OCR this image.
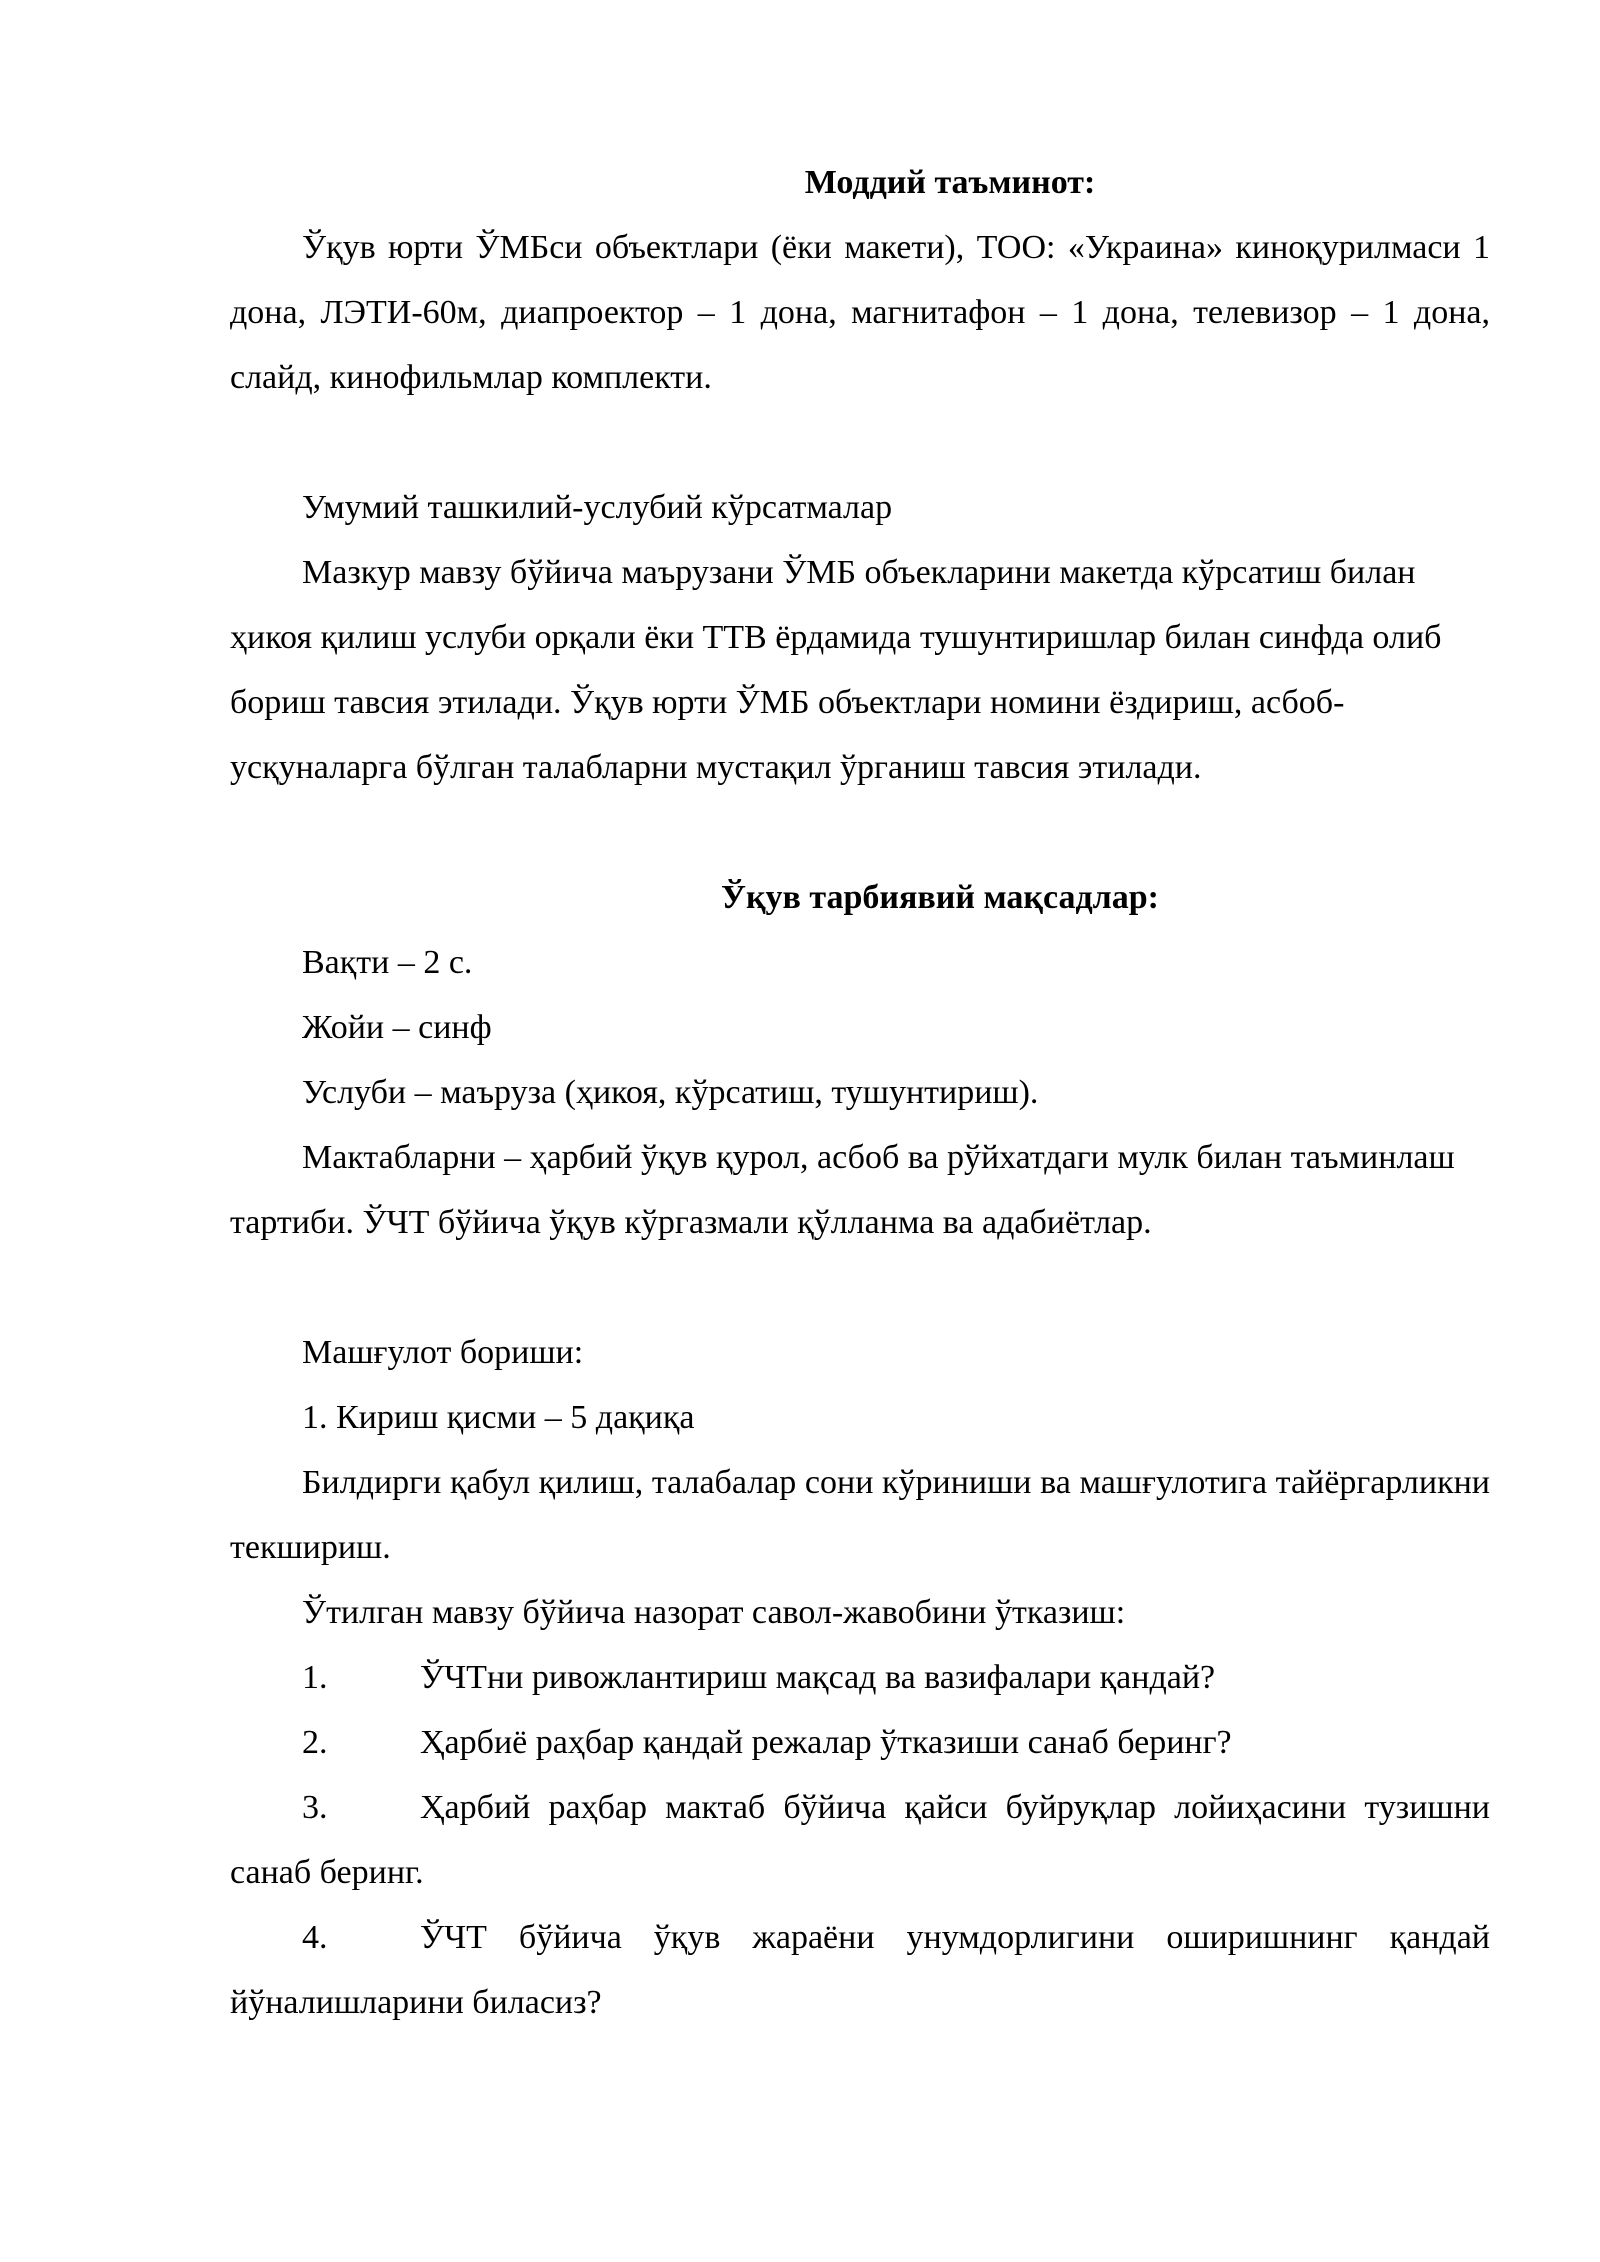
Моддий таъминот:

Ўқув юрти ЎМБси объектлари (ёки макети), ТОО: «Украина» киноқурилмаси 1 дона, ЛЭТИ-60м, диапроектор – 1 дона, магнитафон – 1 дона, телевизор – 1 дона, слайд, кинофильмлар комплекти.

Умумий ташкилий-услубий кўрсатмалар

Мазкур мавзу бўйича маърузани ЎМБ объекларини макетда кўрсатиш билан ҳикоя қилиш услуби орқали ёки ТТВ ёрдамида тушунтиришлар билан синфда олиб бориш тавсия этилади. Ўқув юрти ЎМБ объектлари номини ёздириш, асбоб-усқуналарга бўлган талабларни мустақил ўрганиш тавсия этилади.

Ўқув тарбиявий мақсадлар:

Вақти – 2 с.

Жойи – синф

Услуби – маъруза (ҳикоя, кўрсатиш, тушунтириш).

Мактабларни – ҳарбий ўқув қурол, асбоб ва рўйхатдаги мулк билан таъминлаш тартиби. ЎЧТ бўйича ўқув кўргазмали қўлланма ва адабиётлар.

Машғулот бориши:

1. Кириш қисми – 5 дақиқа

Билдирги қабул қилиш, талабалар сони кўриниши ва машғулотига тайёргарликни текшириш.

Ўтилган мавзу бўйича назорат савол-жавобини ўтказиш:

1.	ЎЧТни ривожлантириш мақсад ва вазифалари қандай?

2.	Ҳарбиё раҳбар қандай режалар ўтказиши санаб беринг?

3.	Ҳарбий раҳбар мактаб бўйича қайси буйруқлар лойиҳасини тузишни санаб беринг.

4.	ЎЧТ бўйича ўқув жараёни унумдорлигини оширишнинг қандай йўналишларини биласиз?
